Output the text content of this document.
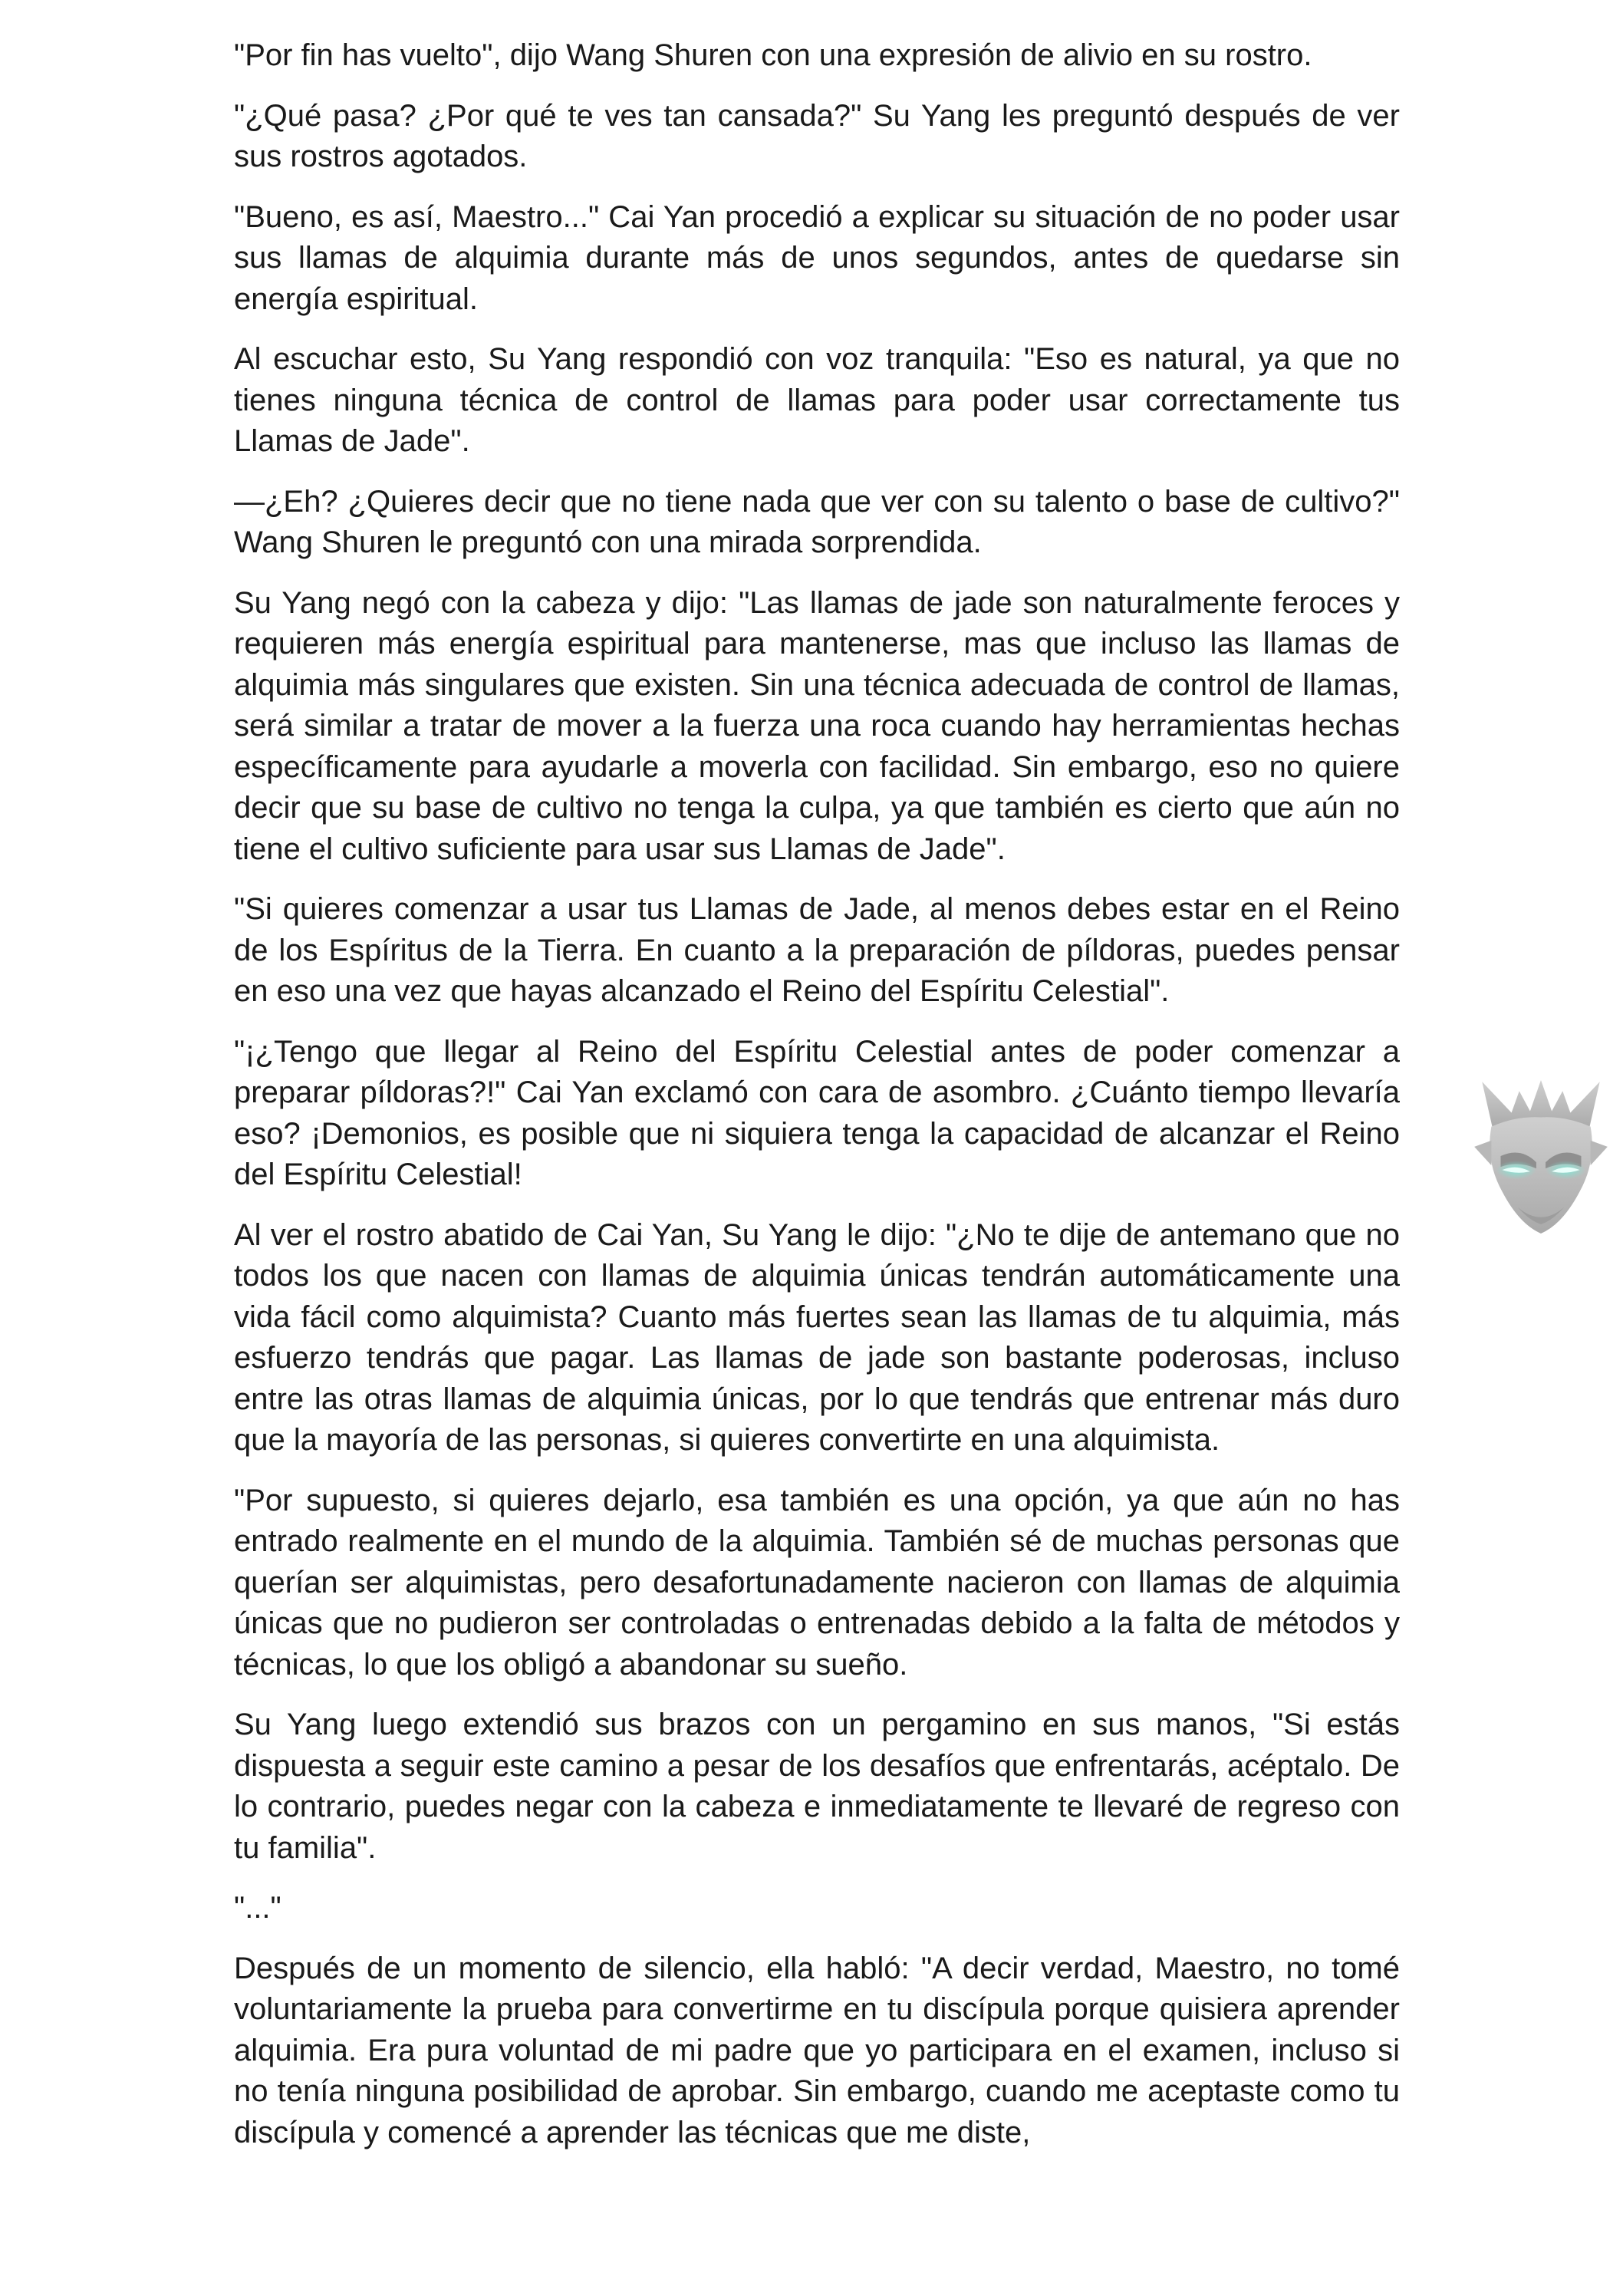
"Por fin has vuelto", dijo Wang Shuren con una expresión de alivio en su rostro.

"¿Qué pasa? ¿Por qué te ves tan cansada?" Su Yang les preguntó después de ver sus rostros agotados.

"Bueno, es así, Maestro..." Cai Yan procedió a explicar su situación de no poder usar sus llamas de alquimia durante más de unos segundos, antes de quedarse sin energía espiritual.

Al escuchar esto, Su Yang respondió con voz tranquila: "Eso es natural, ya que no tienes ninguna técnica de control de llamas para poder usar correctamente tus Llamas de Jade".

—¿Eh? ¿Quieres decir que no tiene nada que ver con su talento o base de cultivo?" Wang Shuren le preguntó con una mirada sorprendida.

Su Yang negó con la cabeza y dijo: "Las llamas de jade son naturalmente feroces y requieren más energía espiritual para mantenerse, mas que incluso las llamas de alquimia más singulares que existen. Sin una técnica adecuada de control de llamas, será similar a tratar de mover a la fuerza una roca cuando hay herramientas hechas específicamente para ayudarle a moverla con facilidad. Sin embargo, eso no quiere decir que su base de cultivo no tenga la culpa, ya que también es cierto que aún no tiene el cultivo suficiente para usar sus Llamas de Jade".

"Si quieres comenzar a usar tus Llamas de Jade, al menos debes estar en el Reino de los Espíritus de la Tierra. En cuanto a la preparación de píldoras, puedes pensar en eso una vez que hayas alcanzado el Reino del Espíritu Celestial".

"¡¿Tengo que llegar al Reino del Espíritu Celestial antes de poder comenzar a preparar píldoras?!" Cai Yan exclamó con cara de asombro. ¿Cuánto tiempo llevaría eso? ¡Demonios, es posible que ni siquiera tenga la capacidad de alcanzar el Reino del Espíritu Celestial!

Al ver el rostro abatido de Cai Yan, Su Yang le dijo: "¿No te dije de antemano que no todos los que nacen con llamas de alquimia únicas tendrán automáticamente una vida fácil como alquimista? Cuanto más fuertes sean las llamas de tu alquimia, más esfuerzo tendrás que pagar. Las llamas de jade son bastante poderosas, incluso entre las otras llamas de alquimia únicas, por lo que tendrás que entrenar más duro que la mayoría de las personas, si quieres convertirte en una alquimista.

"Por supuesto, si quieres dejarlo, esa también es una opción, ya que aún no has entrado realmente en el mundo de la alquimia. También sé de muchas personas que querían ser alquimistas, pero desafortunadamente nacieron con llamas de alquimia únicas que no pudieron ser controladas o entrenadas debido a la falta de métodos y técnicas, lo que los obligó a abandonar su sueño.

Su Yang luego extendió sus brazos con un pergamino en sus manos, "Si estás dispuesta a seguir este camino a pesar de los desafíos que enfrentarás, acéptalo. De lo contrario, puedes negar con la cabeza e inmediatamente te llevaré de regreso con tu familia".

"..."

Después de un momento de silencio, ella habló: "A decir verdad, Maestro, no tomé voluntariamente la prueba para convertirme en tu discípula porque quisiera aprender alquimia. Era pura voluntad de mi padre que yo participara en el examen, incluso si no tenía ninguna posibilidad de aprobar. Sin embargo, cuando me aceptaste como tu discípula y comencé a aprender las técnicas que me diste,
